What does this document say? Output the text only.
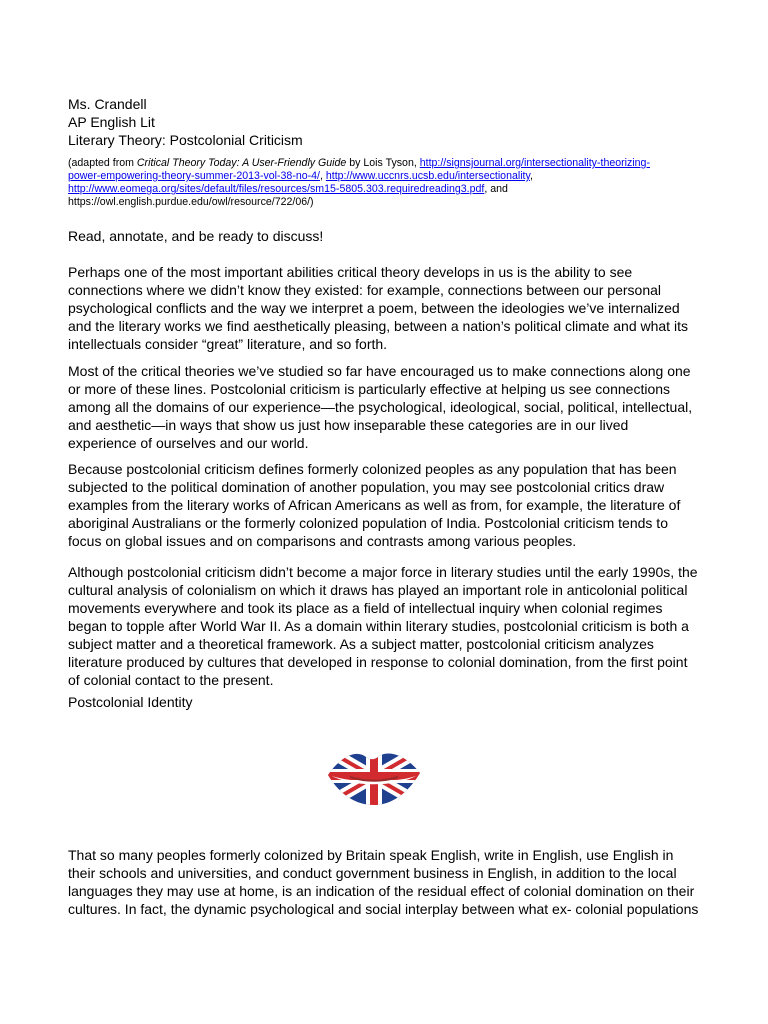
Ms. Crandell
AP English Lit
Literary Theory: Postcolonial Criticism

(adapted from Critical Theory Today: A User-Friendly Guide by Lois Tyson, http://signsjournal.org/intersectionality-theorizing-
power-empowering-theory-summer-2013-vol-38-no-4/, http://www.uccnrs.ucsb.edu/intersectionality,
http://www.eomega.org/sites/default/files/resources/sm15-5805.303.requiredreading3.pdf, and
https://owl.english.purdue.edu/owl/resource/722/06/)

Read, annotate, and be ready to discuss!

Perhaps one of the most important abilities critical theory develops in us is the ability to see connections where we didn’t know they existed: for example, connections between our personal psychological conflicts and the way we interpret a poem, between the ideologies we’ve internalized and the literary works we find aesthetically pleasing, between a nation’s political climate and what its intellectuals consider “great” literature, and so forth.

Most of the critical theories we’ve studied so far have encouraged us to make connections along one or more of these lines. Postcolonial criticism is particularly effective at helping us see connections among all the domains of our experience—the psychological, ideological, social, political, intellectual, and aesthetic—in ways that show us just how inseparable these categories are in our lived experience of ourselves and our world.

Because postcolonial criticism defines formerly colonized peoples as any population that has been subjected to the political domination of another population, you may see postcolonial critics draw examples from the literary works of African Americans as well as from, for example, the literature of aboriginal Australians or the formerly colonized population of India. Postcolonial criticism tends to focus on global issues and on comparisons and contrasts among various peoples.

Although postcolonial criticism didn’t become a major force in literary studies until the early 1990s, the cultural analysis of colonialism on which it draws has played an important role in anticolonial political movements everywhere and took its place as a field of intellectual inquiry when colonial regimes began to topple after World War II. As a domain within literary studies, postcolonial criticism is both a subject matter and a theoretical framework. As a subject matter, postcolonial criticism analyzes literature produced by cultures that developed in response to colonial domination, from the first point of colonial contact to the present.

Postcolonial Identity

That so many peoples formerly colonized by Britain speak English, write in English, use English in their schools and universities, and conduct government business in English, in addition to the local languages they may use at home, is an indication of the residual effect of colonial domination on their cultures. In fact, the dynamic psychological and social interplay between what ex- colonial populations
